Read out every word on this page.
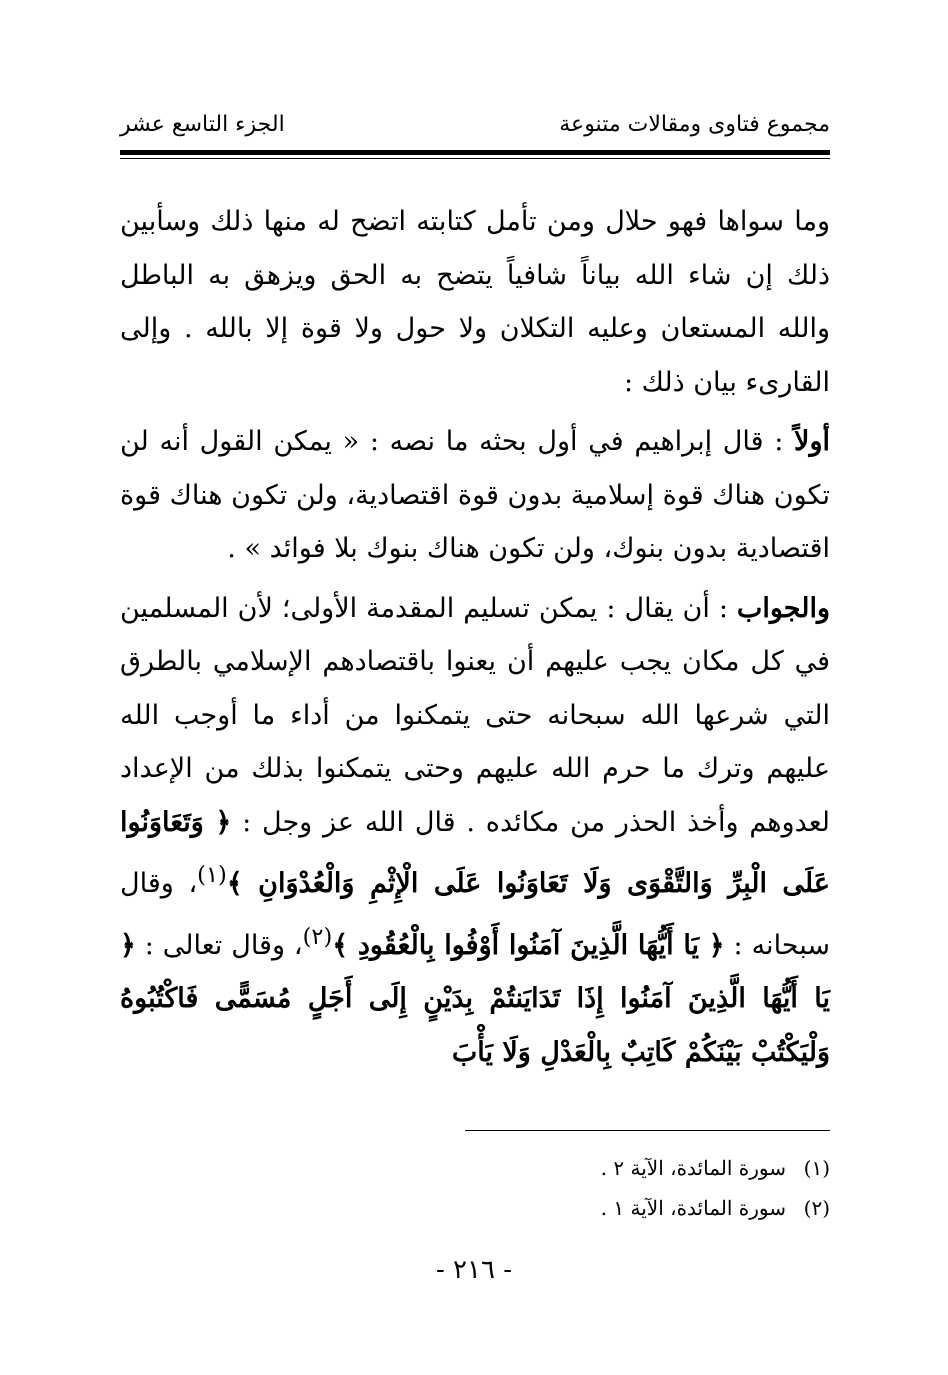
مجموع فتاوى ومقالات متنوعة
الجزء التاسع عشر

وما سواها فهو حلال ومن تأمل كتابته اتضح له منها ذلك وسأبين ذلك إن شاء الله بياناً شافياً يتضح به الحق ويزهق به الباطل والله المستعان وعليه التكلان ولا حول ولا قوة إلا بالله . وإلى القارىء بيان ذلك :

أولاً : قال إبراهيم في أول بحثه ما نصه : « يمكن القول أنه لن تكون هناك قوة إسلامية بدون قوة اقتصادية، ولن تكون هناك قوة اقتصادية بدون بنوك، ولن تكون هناك بنوك بلا فوائد » .

والجواب : أن يقال : يمكن تسليم المقدمة الأولى؛ لأن المسلمين في كل مكان يجب عليهم أن يعنوا باقتصادهم الإسلامي بالطرق التي شرعها الله سبحانه حتى يتمكنوا من أداء ما أوجب الله عليهم وترك ما حرم الله عليهم وحتى يتمكنوا بذلك من الإعداد لعدوهم وأخذ الحذر من مكائده . قال الله عز وجل : ﴿ وَتَعَاوَنُوا عَلَى الْبِرِّ وَالتَّقْوَى وَلَا تَعَاوَنُوا عَلَى الْإِثْمِ وَالْعُدْوَانِ ﴾$^{(١)}$، وقال سبحانه : ﴿ يَا أَيُّهَا الَّذِينَ آمَنُوا أَوْفُوا بِالْعُقُودِ ﴾$^{(٢)}$، وقال تعالى : ﴿ يَا أَيُّهَا الَّذِينَ آمَنُوا إِذَا تَدَايَنتُمْ بِدَيْنٍ إِلَى أَجَلٍ مُسَمًّى فَاكْتُبُوهُ وَلْيَكْتُبْ بَيْنَكُمْ كَاتِبٌ بِالْعَدْلِ وَلَا يَأْبَ

(١)سورة المائدة، الآية ٢ .
(٢)سورة المائدة، الآية ١ .
- ٢١٦ -
